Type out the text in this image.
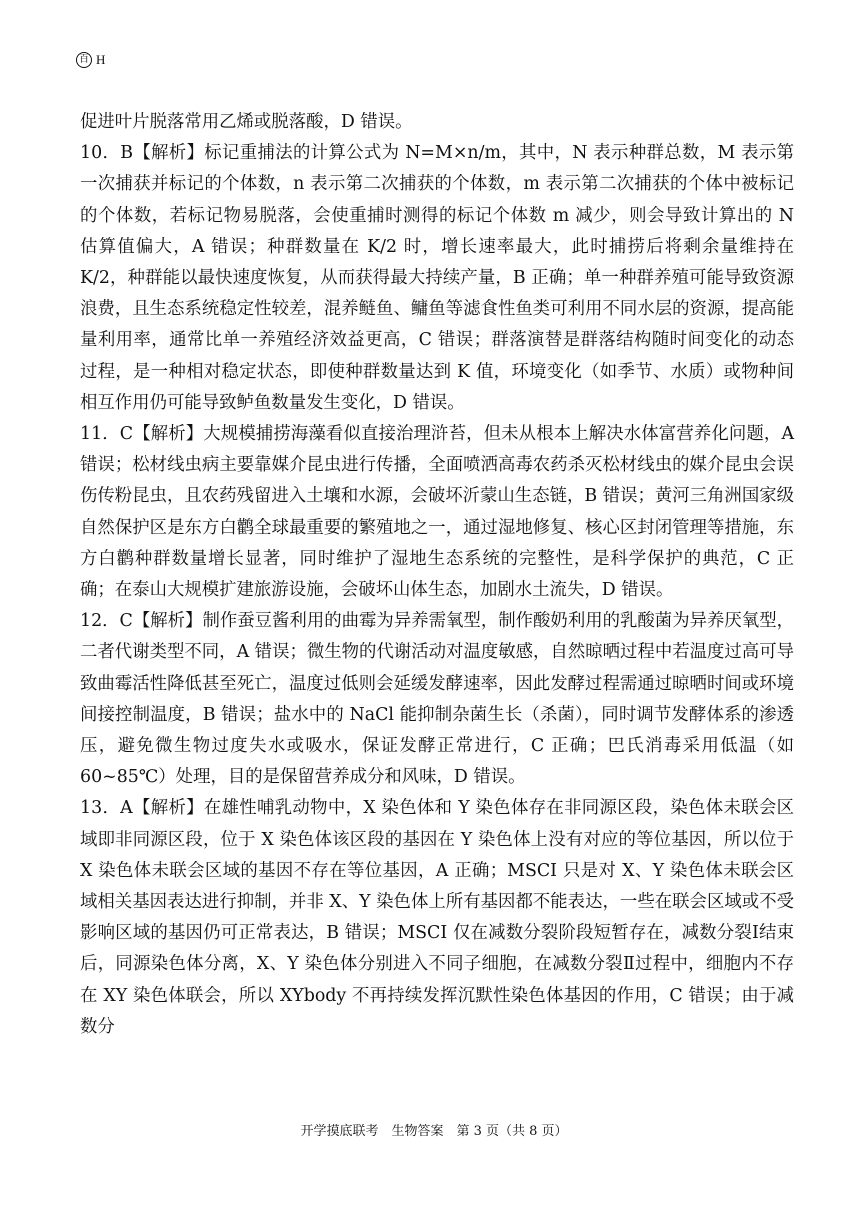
百 H

促进叶片脱落常用乙烯或脱落酸，D 错误。

10．B【解析】标记重捕法的计算公式为 N=M×n/m，其中，N 表示种群总数，M 表示第一次捕获并标记的个体数，n 表示第二次捕获的个体数，m 表示第二次捕获的个体中被标记的个体数，若标记物易脱落，会使重捕时测得的标记个体数 m 减少，则会导致计算出的 N 估算值偏大，A 错误；种群数量在 K/2 时，增长速率最大，此时捕捞后将剩余量维持在 K/2，种群能以最快速度恢复，从而获得最大持续产量，B 正确；单一种群养殖可能导致资源浪费，且生态系统稳定性较差，混养鲢鱼、鳙鱼等滤食性鱼类可利用不同水层的资源，提高能量利用率，通常比单一养殖经济效益更高，C 错误；群落演替是群落结构随时间变化的动态过程，是一种相对稳定状态，即使种群数量达到 K 值，环境变化（如季节、水质）或物种间相互作用仍可能导致鲈鱼数量发生变化，D 错误。

11．C【解析】大规模捕捞海藻看似直接治理浒苔，但未从根本上解决水体富营养化问题，A 错误；松材线虫病主要靠媒介昆虫进行传播，全面喷洒高毒农药杀灭松材线虫的媒介昆虫会误伤传粉昆虫，且农药残留进入土壤和水源，会破坏沂蒙山生态链，B 错误；黄河三角洲国家级自然保护区是东方白鹳全球最重要的繁殖地之一，通过湿地修复、核心区封闭管理等措施，东方白鹳种群数量增长显著，同时维护了湿地生态系统的完整性，是科学保护的典范，C 正确；在泰山大规模扩建旅游设施，会破坏山体生态，加剧水土流失，D 错误。

12．C【解析】制作蚕豆酱利用的曲霉为异养需氧型，制作酸奶利用的乳酸菌为异养厌氧型，二者代谢类型不同，A 错误；微生物的代谢活动对温度敏感，自然晾晒过程中若温度过高可导致曲霉活性降低甚至死亡，温度过低则会延缓发酵速率，因此发酵过程需通过晾晒时间或环境间接控制温度，B 错误；盐水中的 NaCl 能抑制杂菌生长（杀菌），同时调节发酵体系的渗透压，避免微生物过度失水或吸水，保证发酵正常进行，C 正确；巴氏消毒采用低温（如 60~85℃）处理，目的是保留营养成分和风味，D 错误。

13．A【解析】在雄性哺乳动物中，X 染色体和 Y 染色体存在非同源区段，染色体未联会区域即非同源区段，位于 X 染色体该区段的基因在 Y 染色体上没有对应的等位基因，所以位于 X 染色体未联会区域的基因不存在等位基因，A 正确；MSCI 只是对 X、Y 染色体未联会区域相关基因表达进行抑制，并非 X、Y 染色体上所有基因都不能表达，一些在联会区域或不受影响区域的基因仍可正常表达，B 错误；MSCI 仅在减数分裂阶段短暂存在，减数分裂Ⅰ结束后，同源染色体分离，X、Y 染色体分别进入不同子细胞，在减数分裂Ⅱ过程中，细胞内不存在 XY 染色体联会，所以 XYbody 不再持续发挥沉默性染色体基因的作用，C 错误；由于减数分

开学摸底联考　生物答案　第 3 页（共 8 页）
